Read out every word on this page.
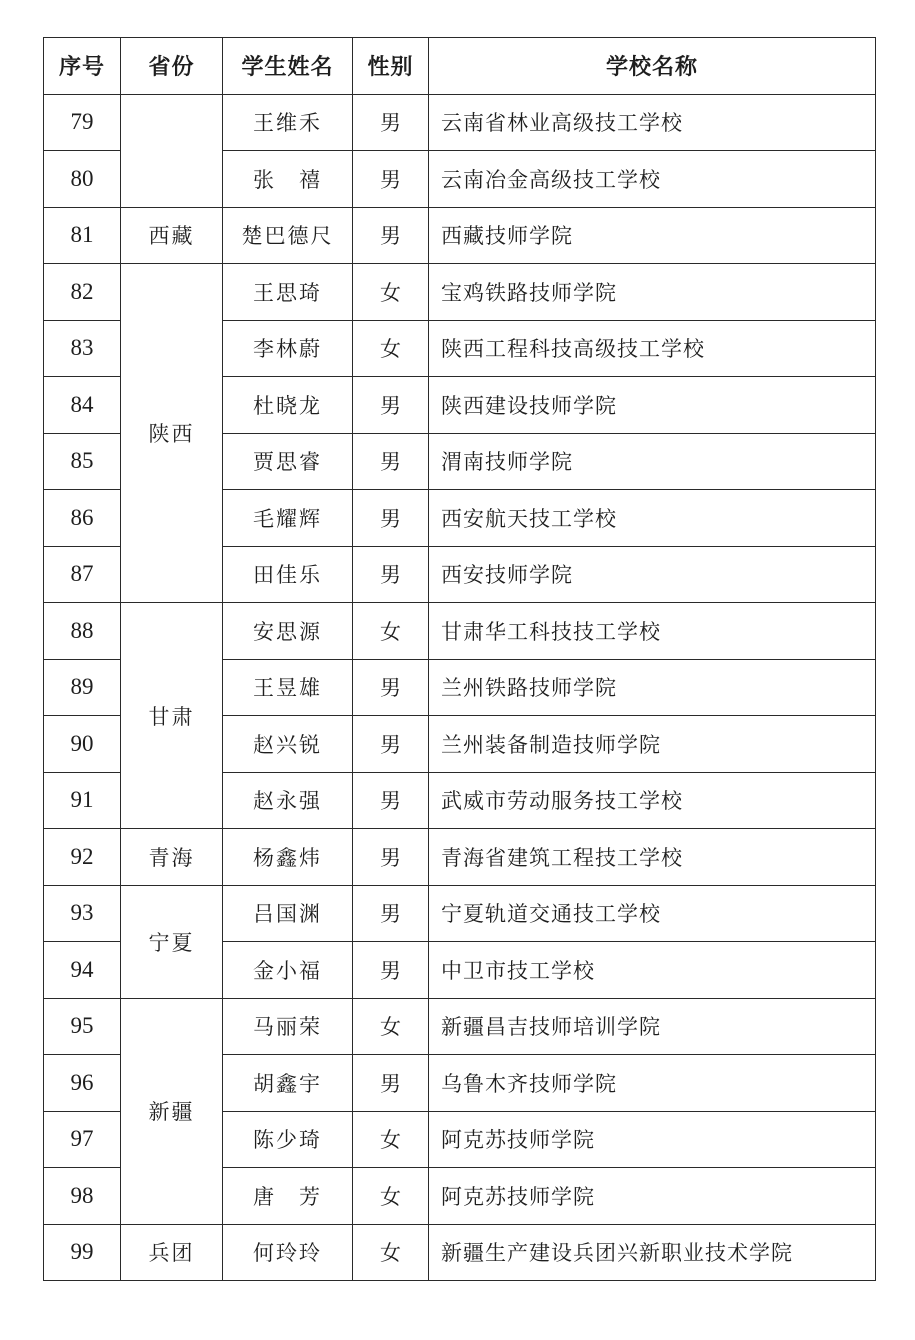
序号	省份	学生姓名	性别	学校名称
79		王维禾	男	云南省林业高级技工学校
80		张　禧	男	云南冶金高级技工学校
81	西藏	楚巴德尺	男	西藏技师学院
82	陕西	王思琦	女	宝鸡铁路技师学院
83		李林蔚	女	陕西工程科技高级技工学校
84		杜晓龙	男	陕西建设技师学院
85		贾思睿	男	渭南技师学院
86		毛耀辉	男	西安航天技工学校
87		田佳乐	男	西安技师学院
88	甘肃	安思源	女	甘肃华工科技技工学校
89		王昱雄	男	兰州铁路技师学院
90		赵兴锐	男	兰州装备制造技师学院
91		赵永强	男	武威市劳动服务技工学校
92	青海	杨鑫炜	男	青海省建筑工程技工学校
93	宁夏	吕国渊	男	宁夏轨道交通技工学校
94		金小福	男	中卫市技工学校
95	新疆	马丽荣	女	新疆昌吉技师培训学院
96		胡鑫宇	男	乌鲁木齐技师学院
97		陈少琦	女	阿克苏技师学院
98		唐　芳	女	阿克苏技师学院
99	兵团	何玲玲	女	新疆生产建设兵团兴新职业技术学院
